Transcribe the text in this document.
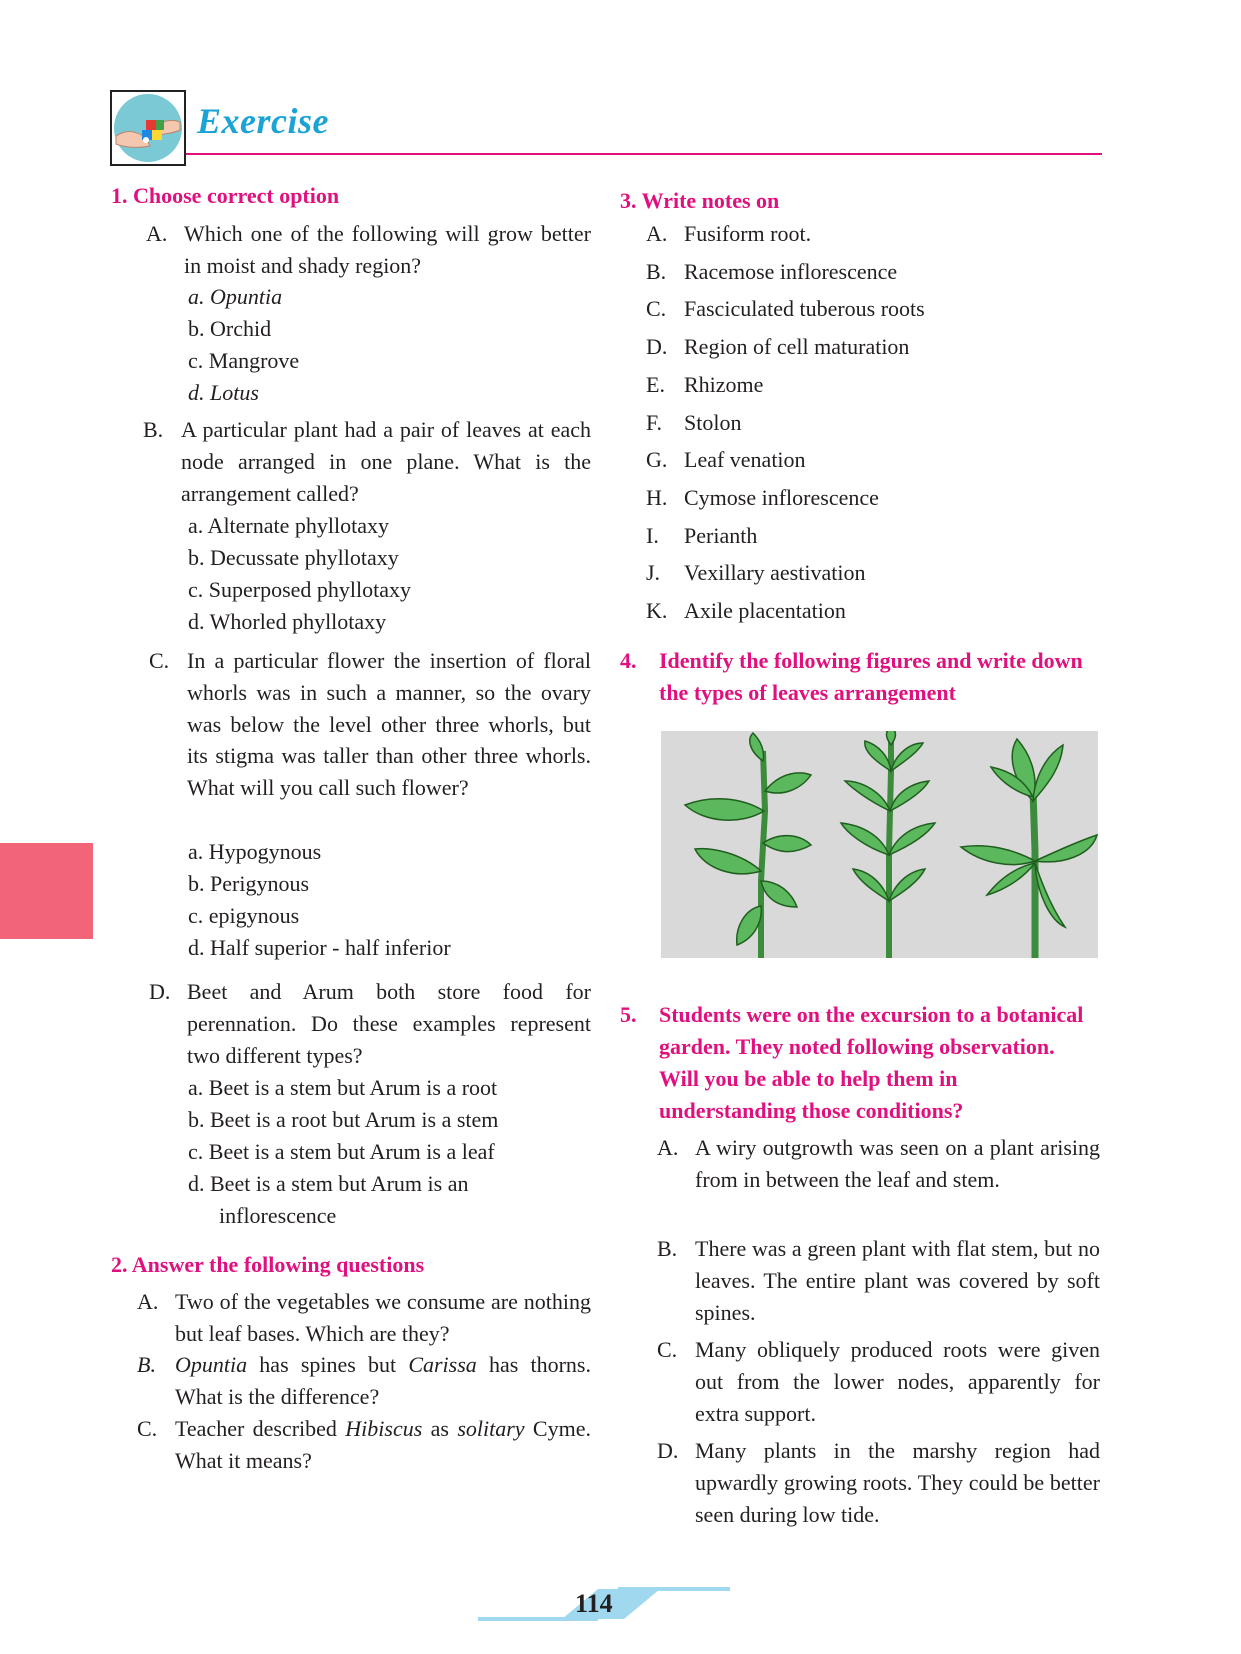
Exercise
1. Choose correct option
A. Which one of the following will grow better in moist and shady region?
a. Opuntia
b. Orchid
c. Mangrove
d. Lotus
B. A particular plant had a pair of leaves at each node arranged in one plane. What is the arrangement called?
a. Alternate phyllotaxy
b. Decussate phyllotaxy
c. Superposed phyllotaxy
d. Whorled phyllotaxy
C. In a particular flower the insertion of floral whorls was in such a manner, so the ovary was below the level other three whorls, but its stigma was taller than other three whorls. What will you call such flower?
a. Hypogynous
b. Perigynous
c. epigynous
d. Half superior - half inferior
D. Beet and Arum both store food for perennation. Do these examples represent two different types?
a. Beet is a stem but Arum is a root
b. Beet is a root but Arum is a stem
c. Beet is a stem but Arum is a leaf
d. Beet is a stem but Arum is an
inflorescence
2. Answer the following questions
A. Two of the vegetables we consume are nothing but leaf bases. Which are they?
B. Opuntia has spines but Carissa has thorns. What is the difference?
C. Teacher described Hibiscus as solitary Cyme. What it means?
3. Write notes on
A. Fusiform root.
B. Racemose inflorescence
C. Fasciculated tuberous roots
D. Region of cell maturation
E. Rhizome
F. Stolon
G. Leaf venation
H. Cymose inflorescence
I. Perianth
J. Vexillary aestivation
K. Axile placentation
4. Identify the following figures and write down the types of leaves arrangement
5. Students were on the excursion to a botanical garden. They noted following observation. Will you be able to help them in understanding those conditions?
A. A wiry outgrowth was seen on a plant arising from in between the leaf and stem.
B. There was a green plant with flat stem, but no leaves. The entire plant was covered by soft spines.
C. Many obliquely produced roots were given out from the lower nodes, apparently for extra support.
D. Many plants in the marshy region had upwardly growing roots. They could be better seen during low tide.
114
